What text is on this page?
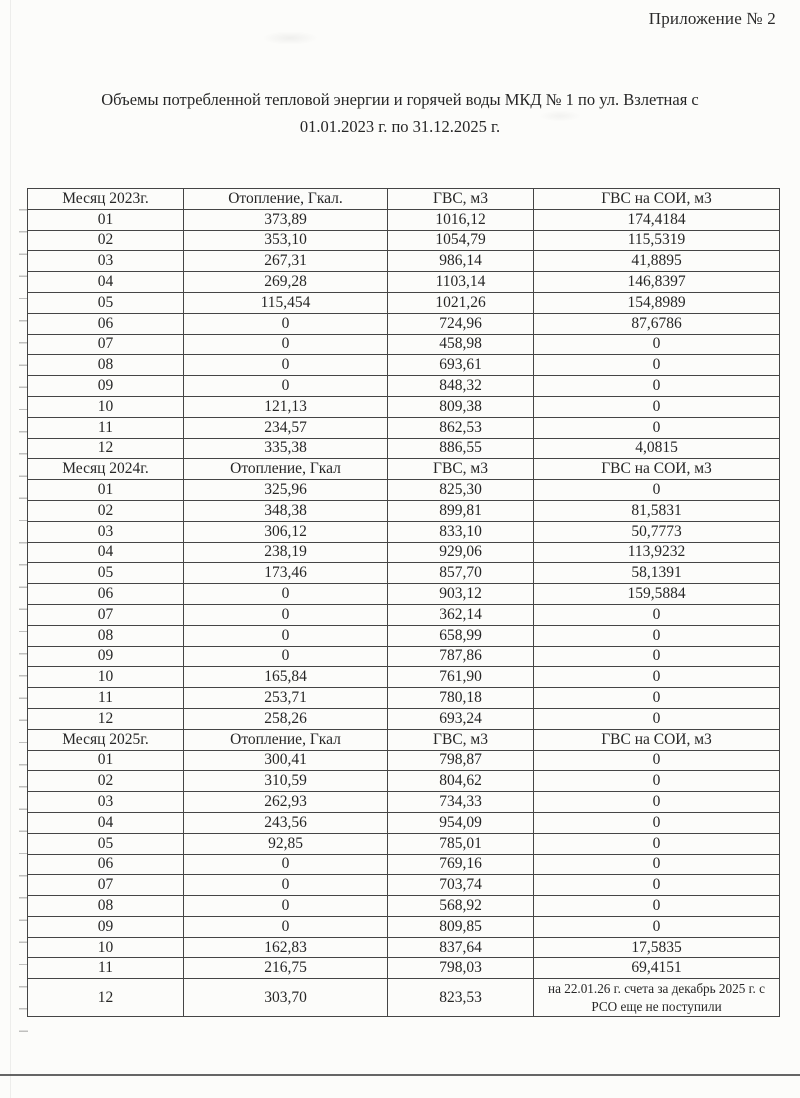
Приложение № 2
Объемы потребленной тепловой энергии и горячей воды МКД № 1 по ул. Взлетная с
01.01.2023 г. по 31.12.2025 г.
Месяц 2023г.	Отопление, Гкал.	ГВС, м3	ГВС на СОИ, м3
01	373,89	1016,12	174,4184
02	353,10	1054,79	115,5319
03	267,31	986,14	41,8895
04	269,28	1103,14	146,8397
05	115,454	1021,26	154,8989
06	0	724,96	87,6786
07	0	458,98	0
08	0	693,61	0
09	0	848,32	0
10	121,13	809,38	0
11	234,57	862,53	0
12	335,38	886,55	4,0815
Месяц 2024г.	Отопление, Гкал	ГВС, м3	ГВС на СОИ, м3
01	325,96	825,30	0
02	348,38	899,81	81,5831
03	306,12	833,10	50,7773
04	238,19	929,06	113,9232
05	173,46	857,70	58,1391
06	0	903,12	159,5884
07	0	362,14	0
08	0	658,99	0
09	0	787,86	0
10	165,84	761,90	0
11	253,71	780,18	0
12	258,26	693,24	0
Месяц 2025г.	Отопление, Гкал	ГВС, м3	ГВС на СОИ, м3
01	300,41	798,87	0
02	310,59	804,62	0
03	262,93	734,33	0
04	243,56	954,09	0
05	92,85	785,01	0
06	0	769,16	0
07	0	703,74	0
08	0	568,92	0
09	0	809,85	0
10	162,83	837,64	17,5835
11	216,75	798,03	69,4151
12	303,70	823,53	на 22.01.26 г. счета за декабрь 2025 г. с РСО еще не поступили
